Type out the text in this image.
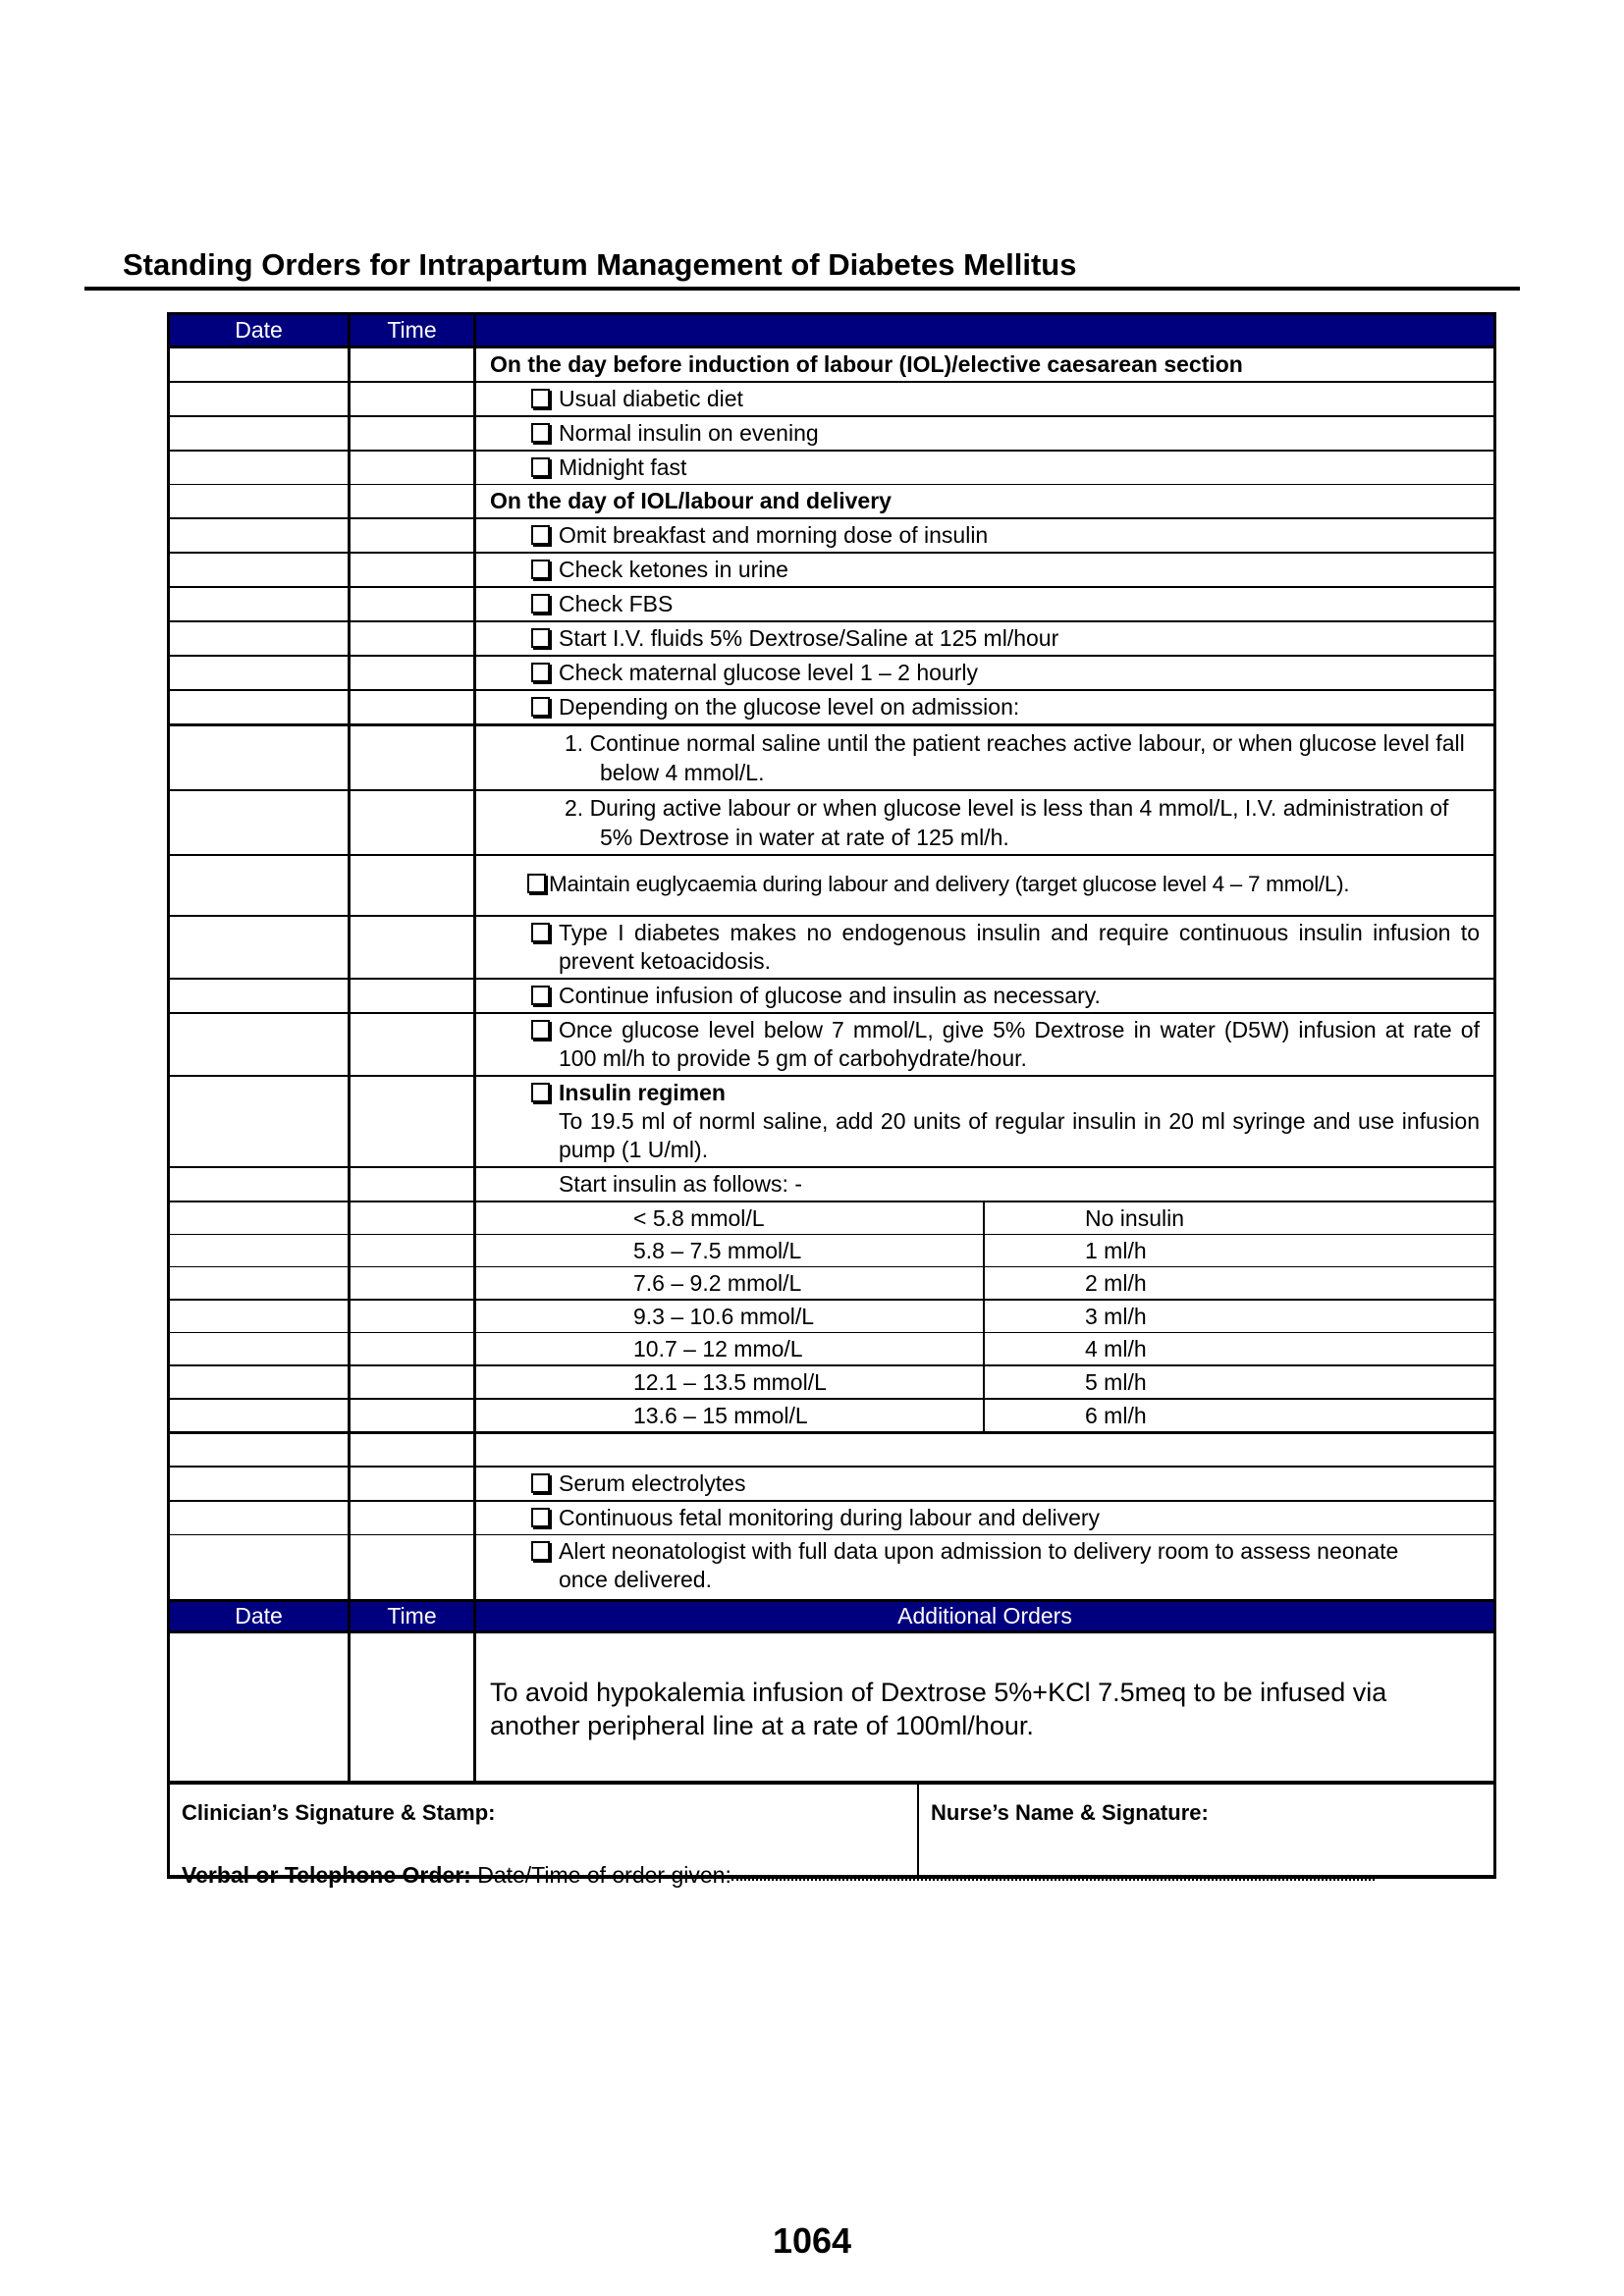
Standing Orders for Intrapartum Management of Diabetes Mellitus
Date	Time
On the day before induction of labour (IOL)/elective caesarean section
Usual diabetic diet
Normal insulin on evening
Midnight fast
On the day of IOL/labour and delivery
Omit breakfast and morning dose of insulin
Check ketones in urine
Check FBS
Start I.V. fluids 5% Dextrose/Saline at 125 ml/hour
Check maternal glucose level 1 – 2 hourly
Depending on the glucose level on admission:
1. Continue normal saline until the patient reaches active labour, or when glucose level fall below 4 mmol/L.
2. During active labour or when glucose level is less than 4 mmol/L, I.V. administration of 5% Dextrose in water at rate of 125 ml/h.
Maintain euglycaemia during labour and delivery (target glucose level 4 – 7 mmol/L).
Type I diabetes makes no endogenous insulin and require continuous insulin infusion to prevent ketoacidosis.
Continue infusion of glucose and insulin as necessary.
Once glucose level below 7 mmol/L, give 5% Dextrose in water (D5W) infusion at rate of 100 ml/h to provide 5 gm of carbohydrate/hour.
Insulin regimen
To 19.5 ml of norml saline, add 20 units of regular insulin in 20 ml syringe and use infusion pump (1 U/ml).
Start insulin as follows: -
< 5.8 mmol/L	No insulin
5.8 – 7.5 mmol/L	1 ml/h
7.6 – 9.2 mmol/L	2 ml/h
9.3 – 10.6 mmol/L	3 ml/h
10.7 – 12 mmo/L	4 ml/h
12.1 – 13.5 mmol/L	5 ml/h
13.6 – 15 mmol/L	6 ml/h
Serum electrolytes
Continuous fetal monitoring during labour and delivery
Alert neonatologist with full data upon admission to delivery room to assess neonate once delivered.
Date	Time	Additional Orders
To avoid hypokalemia infusion of Dextrose 5%+KCl 7.5meq to be infused via another peripheral line at a rate of 100ml/hour.
Clinician’s Signature & Stamp:	Nurse’s Name & Signature:
Verbal or Telephone Order: Date/Time of order given:
1064
